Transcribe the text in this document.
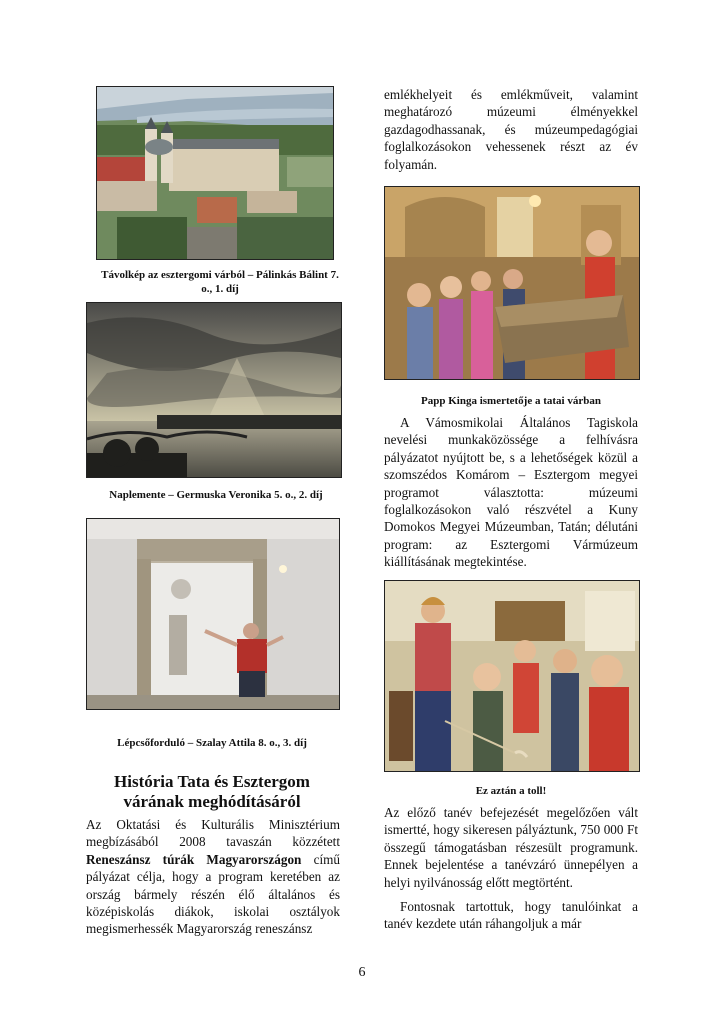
Távolkép az esztergomi várból – Pálinkás Bálint 7. o., 1. díj
Naplemente – Germuska Veronika 5. o., 2. díj
Lépcsőforduló – Szalay Attila 8. o., 3. díj
História Tata és Esztergom
várának meghódításáról

Az Oktatási és Kulturális Minisztérium megbízásából 2008 tavaszán közzétett Reneszánsz túrák Magyarországon című pályázat célja, hogy a program keretében az ország bármely részén élő általános és középiskolás diákok, iskolai osztályok megismerhessék Magyarország reneszánsz

emlékhelyeit és emlékműveit, valamint meghatározó múzeumi élményekkel gazdagodhassanak, és múzeumpedagógiai foglalkozásokon vehessenek részt az év folyamán.

Papp Kinga ismertetője a tatai várban

A Vámosmikolai Általános Tagiskola nevelési munkaközössége a felhívásra pályázatot nyújtott be, s a lehetőségek közül a szomszédos Komárom – Esztergom megyei programot választotta: múzeumi foglalkozásokon való részvétel a Kuny Domokos Megyei Múzeumban, Tatán; délutáni program: az Esztergomi Vármúzeum kiállításának megtekintése.

Ez aztán a toll!

Az előző tanév befejezését megelőzően vált ismertté, hogy sikeresen pályáztunk, 750 000 Ft összegű támogatásban részesült programunk. Ennek bejelentése a tanévzáró ünnepélyen a helyi nyilvánosság előtt megtörtént.

Fontosnak tartottuk, hogy tanulóinkat a tanév kezdete után ráhangoljuk a már

6
